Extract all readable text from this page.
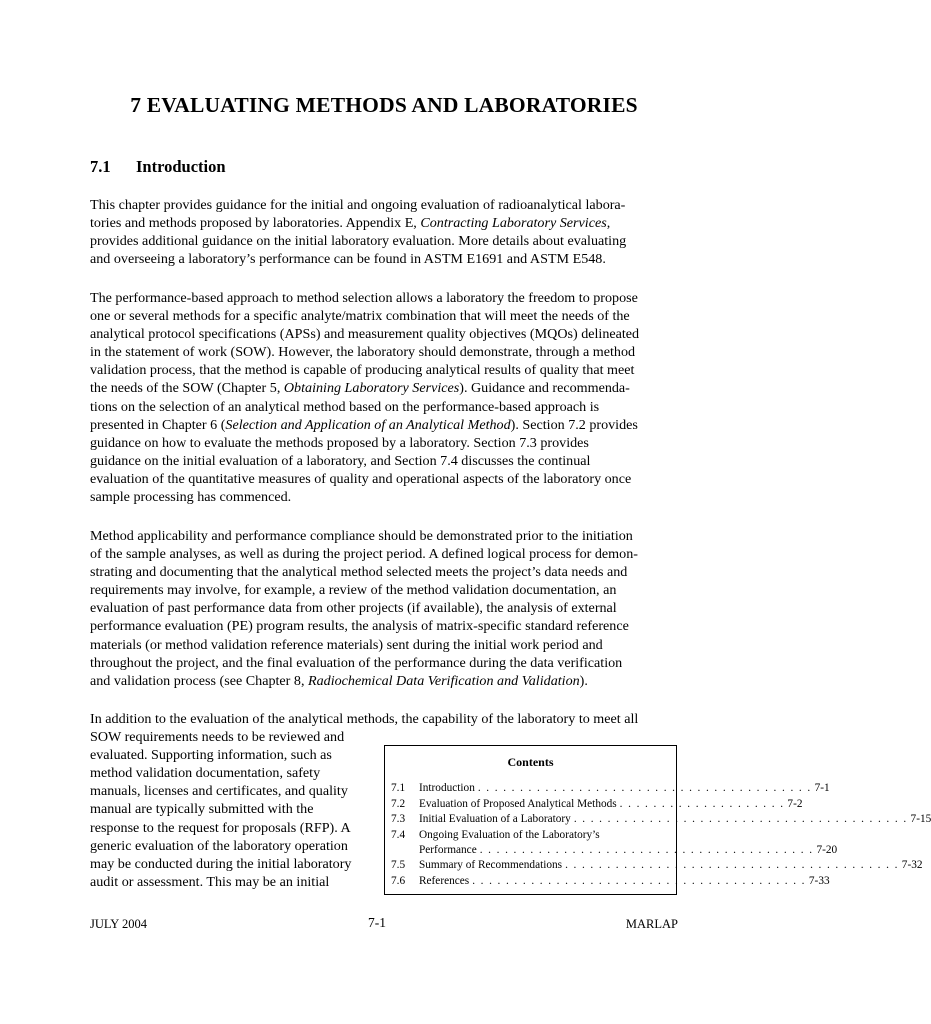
7 EVALUATING METHODS AND LABORATORIES
7.1 Introduction
This chapter provides guidance for the initial and ongoing evaluation of radioanalytical labora-
tories and methods proposed by laboratories. Appendix E, Contracting Laboratory Services,
provides additional guidance on the initial laboratory evaluation. More details about evaluating
and overseeing a laboratory’s performance can be found in ASTM E1691 and ASTM E548.
The performance-based approach to method selection allows a laboratory the freedom to propose
one or several methods for a specific analyte/matrix combination that will meet the needs of the
analytical protocol specifications (APSs) and measurement quality objectives (MQOs) delineated
in the statement of work (SOW). However, the laboratory should demonstrate, through a method
validation process, that the method is capable of producing analytical results of quality that meet
the needs of the SOW (Chapter 5, Obtaining Laboratory Services). Guidance and recommenda-
tions on the selection of an analytical method based on the performance-based approach is
presented in Chapter 6 (Selection and Application of an Analytical Method). Section 7.2 provides
guidance on how to evaluate the methods proposed by a laboratory. Section 7.3 provides
guidance on the initial evaluation of a laboratory, and Section 7.4 discusses the continual
evaluation of the quantitative measures of quality and operational aspects of the laboratory once
sample processing has commenced.
Method applicability and performance compliance should be demonstrated prior to the initiation
of the sample analyses, as well as during the project period. A defined logical process for demon-
strating and documenting that the analytical method selected meets the project’s data needs and
requirements may involve, for example, a review of the method validation documentation, an
evaluation of past performance data from other projects (if available), the analysis of external
performance evaluation (PE) program results, the analysis of matrix-specific standard reference
materials (or method validation reference materials) sent during the initial work period and
throughout the project, and the final evaluation of the performance during the data verification
and validation process (see Chapter 8, Radiochemical Data Verification and Validation).
In addition to the evaluation of the analytical methods, the capability of the laboratory to meet all
SOW requirements needs to be reviewed and
evaluated. Supporting information, such as
method validation documentation, safety
manuals, licenses and certificates, and quality
manual are typically submitted with the
response to the request for proposals (RFP). A
generic evaluation of the laboratory operation
may be conducted during the initial laboratory
audit or assessment. This may be an initial
Contents
7.1	Introduction . . . . . . . . . . . . . . . . . . . . . . . . . . . . . . . . . . . . . . . . 7-1
7.2	Evaluation of Proposed Analytical Methods . . . . . . . . . . . . . . . . . . . . 7-2
7.3	Initial Evaluation of a Laboratory . . . . . . . . . . . . . . . . . . . . . . . . . . . . . . . . . . . . . . . . 7-15
7.4	Ongoing Evaluation of the Laboratory’s
Performance . . . . . . . . . . . . . . . . . . . . . . . . . . . . . . . . . . . . . . . . 7-20
7.5	Summary of Recommendations . . . . . . . . . . . . . . . . . . . . . . . . . . . . . . . . . . . . . . . . 7-32
7.6	References . . . . . . . . . . . . . . . . . . . . . . . . . . . . . . . . . . . . . . . . 7-33
JULY 2004	7-1	MARLAP
